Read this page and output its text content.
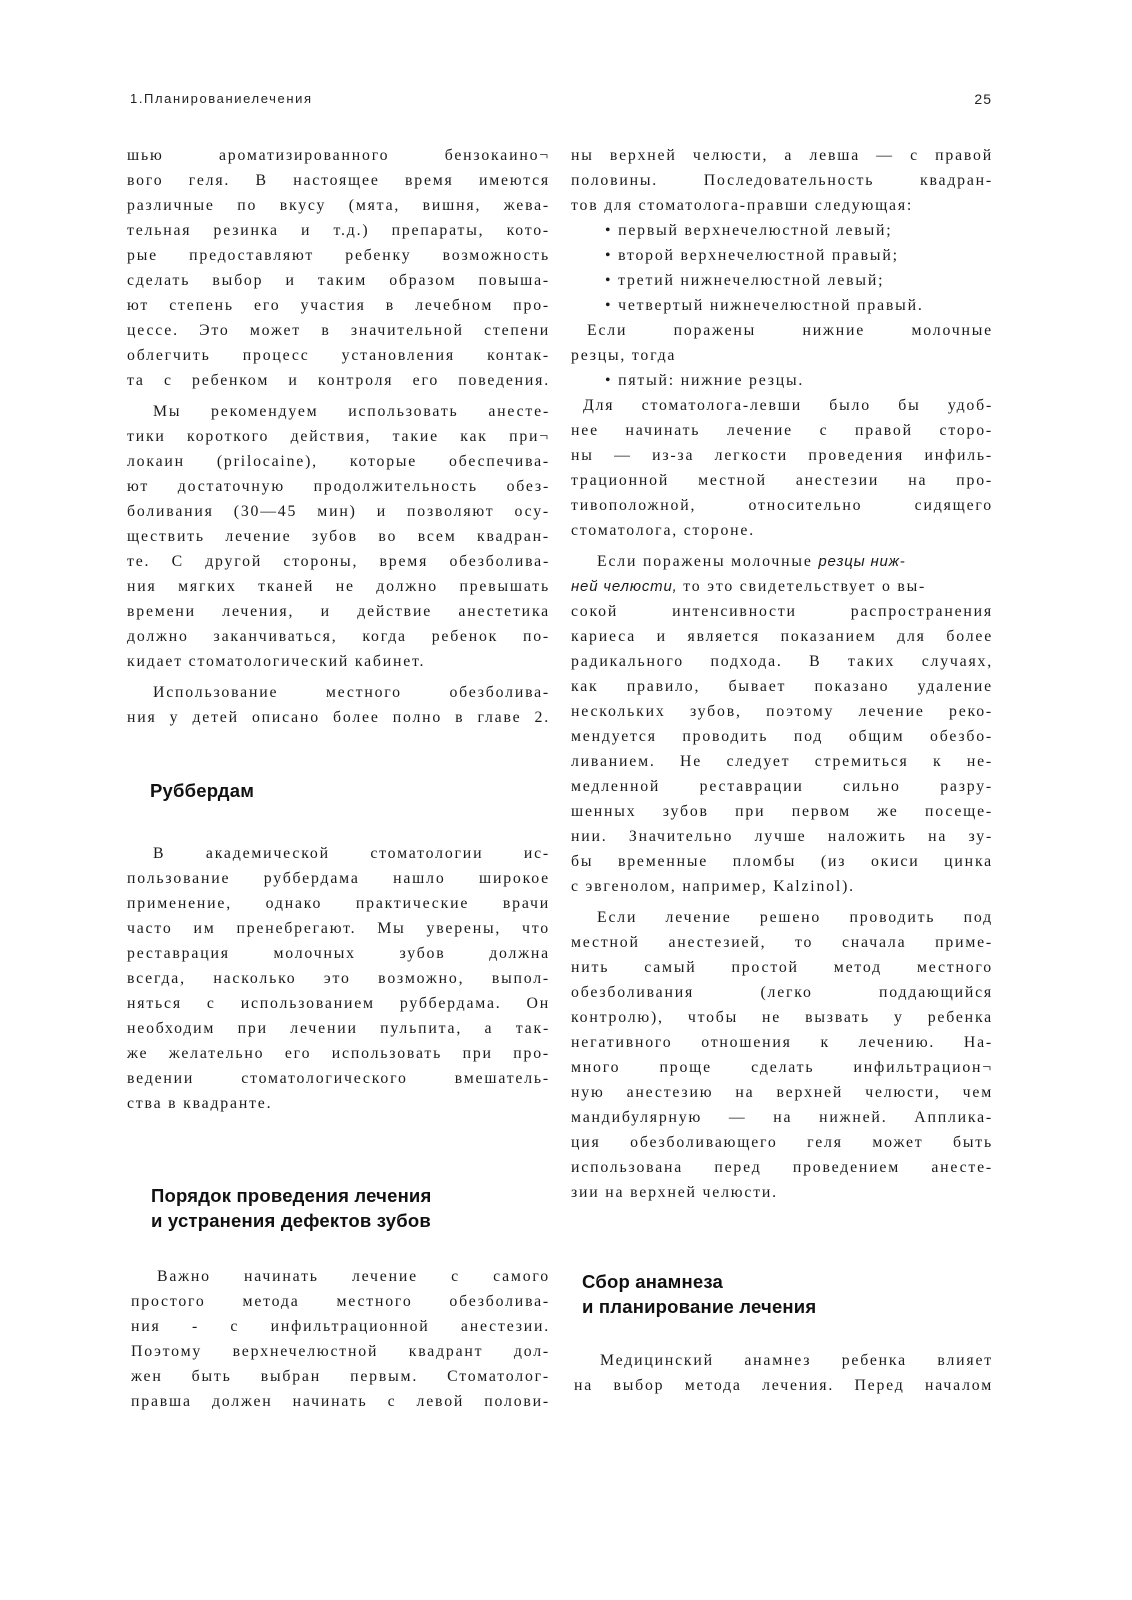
1.Планированиелечения	25
шью ароматизированного бензокаино¬
вого геля. В настоящее время имеются
различные по вкусу (мята, вишня, жева-
тельная резинка и т.д.) препараты, кото-
рые предоставляют ребенку возможность
сделать выбор и таким образом повыша-
ют степень его участия в лечебном про-
цессе. Это может в значительной степени
облегчить процесс установления контак-
та с ребенком и контроля его поведения.
Мы рекомендуем использовать анесте-
тики короткого действия, такие как при¬
локаин (prilocaine), которые обеспечива-
ют достаточную продолжительность обез-
боливания (30—45 мин) и позволяют осу-
ществить лечение зубов во всем квадран-
те. С другой стороны, время обезболива-
ния мягких тканей не должно превышать
времени лечения, и действие анестетика
должно заканчиваться, когда ребенок по-
кидает стоматологический кабинет.
Использование местного обезболива-
ния у детей описано более полно в главе 2.
Руббердам
В академической стоматологии ис-
пользование руббердама нашло широкое
применение, однако практические врачи
часто им пренебрегают. Мы уверены, что
реставрация молочных зубов должна
всегда, насколько это возможно, выпол-
няться с использованием руббердама. Он
необходим при лечении пульпита, а так-
же желательно его использовать при про-
ведении стоматологического вмешатель-
ства в квадранте.
Порядок проведения лечения
и устранения дефектов зубов
Важно начинать лечение с самого
простого метода местного обезболива-
ния - с инфильтрационной анестезии.
Поэтому верхнечелюстной квадрант дол-
жен быть выбран первым. Стоматолог-
правша должен начинать с левой полови-
ны верхней челюсти, а левша — с правой
половины. Последовательность квадран-
тов для стоматолога-правши следующая:
• первый верхнечелюстной левый;
• второй верхнечелюстной правый;
• третий нижнечелюстной левый;
• четвертый нижнечелюстной правый.
Если поражены нижние молочные
резцы, тогда
• пятый: нижние резцы.
Для стоматолога-левши было бы удоб-
нее начинать лечение с правой сторо-
ны — из-за легкости проведения инфиль-
трационной местной анестезии на про-
тивоположной, относительно сидящего
стоматолога, стороне.
Если поражены молочные резцы ниж-
ней челюсти, то это свидетельствует о вы-
сокой интенсивности распространения
кариеса и является показанием для более
радикального подхода. В таких случаях,
как правило, бывает показано удаление
нескольких зубов, поэтому лечение реко-
мендуется проводить под общим обезбо-
ливанием. Не следует стремиться к не-
медленной реставрации сильно разру-
шенных зубов при первом же посеще-
нии. Значительно лучше наложить на зу-
бы временные пломбы (из окиси цинка
с эвгенолом, например, Kalzinol).
Если лечение решено проводить под
местной анестезией, то сначала приме-
нить самый простой метод местного
обезболивания (легко поддающийся
контролю), чтобы не вызвать у ребенка
негативного отношения к лечению. На-
много проще сделать инфильтрацион¬
ную анестезию на верхней челюсти, чем
мандибулярную — на нижней. Апплика-
ция обезболивающего геля может быть
использована перед проведением анесте-
зии на верхней челюсти.
Сбор анамнеза
и планирование лечения
Медицинский анамнез ребенка влияет
на выбор метода лечения. Перед началом
